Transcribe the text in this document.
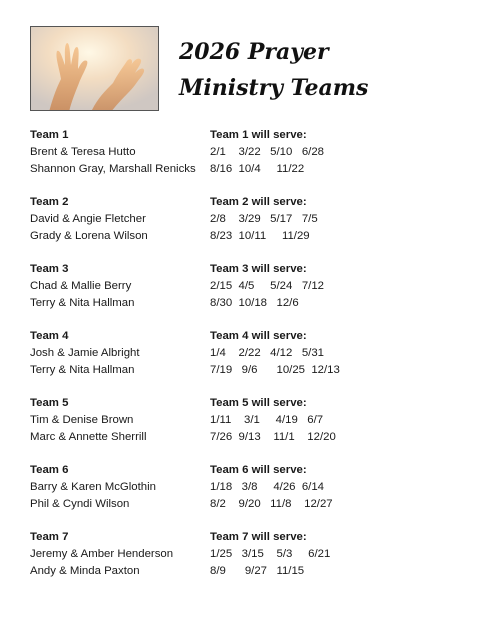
2026 Prayer
Ministry Teams
Team 1	Team 1 will serve:
Brent & Teresa Hutto	2/1    3/22   5/10   6/28
Shannon Gray, Marshall Renicks	8/16  10/4     11/22
Team 2	Team 2 will serve:
David & Angie Fletcher	2/8    3/29   5/17   7/5
Grady & Lorena Wilson	8/23  10/11     11/29
Team 3	Team 3 will serve:
Chad & Mallie Berry	2/15  4/5     5/24   7/12
Terry & Nita Hallman	8/30  10/18   12/6
Team 4	Team 4 will serve:
Josh & Jamie Albright	1/4    2/22   4/12   5/31
Terry & Nita Hallman	7/19   9/6      10/25  12/13
Team 5	Team 5 will serve:
Tim & Denise Brown	1/11    3/1     4/19   6/7
Marc & Annette Sherrill	7/26  9/13    11/1    12/20
Team 6	Team 6 will serve:
Barry & Karen McGlothin	1/18   3/8     4/26  6/14
Phil & Cyndi Wilson	8/2    9/20   11/8    12/27
Team 7	Team 7 will serve:
Jeremy & Amber Henderson	1/25   3/15    5/3     6/21
Andy & Minda Paxton	8/9      9/27   11/15
